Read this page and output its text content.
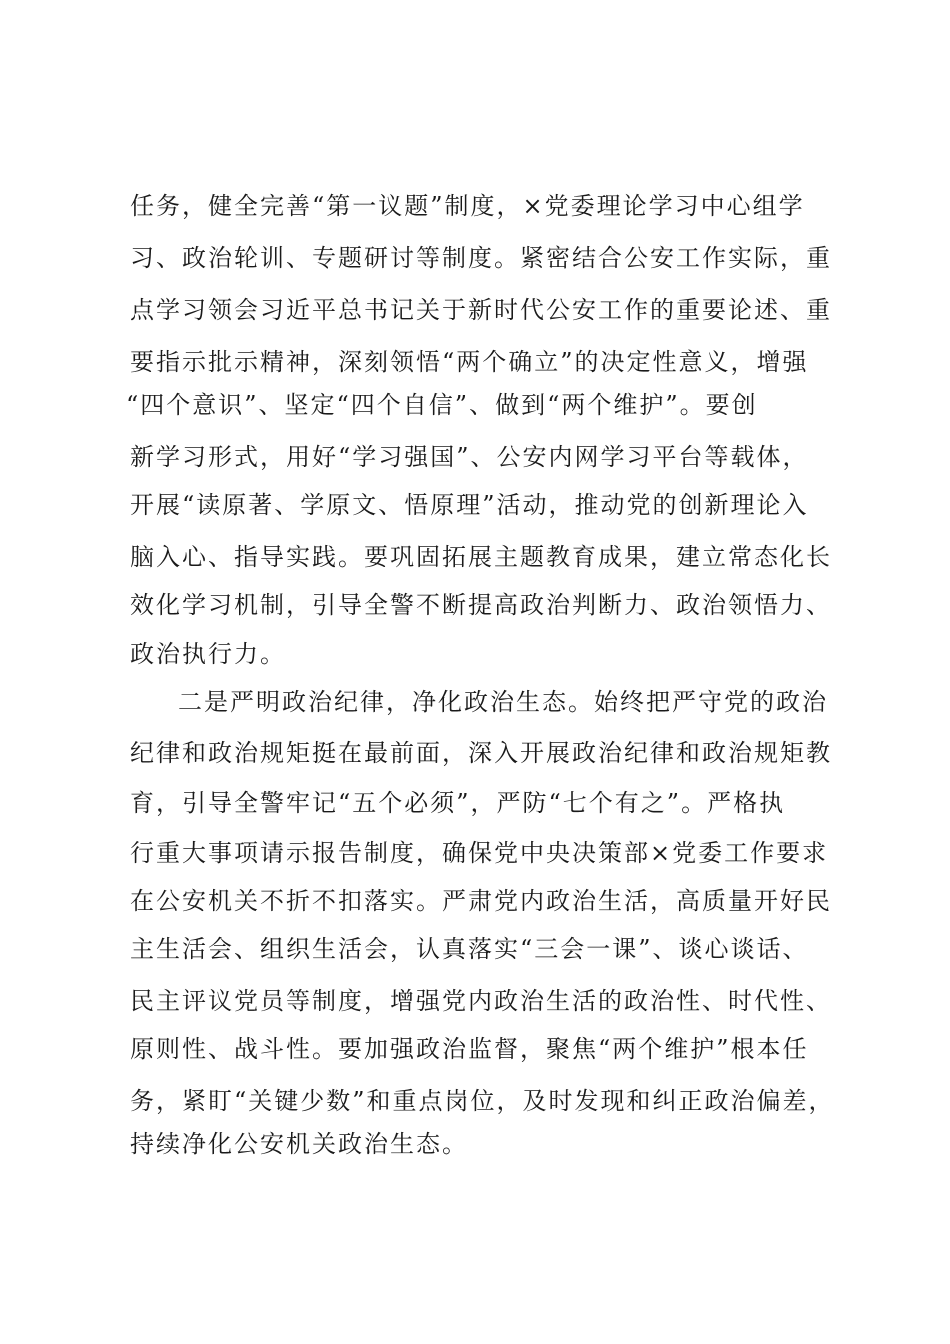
任务，健全完善“第一议题”制度，×党委理论学习中心组学
习、政治轮训、专题研讨等制度。紧密结合公安工作实际，重
点学习领会习近平总书记关于新时代公安工作的重要论述、重
要指示批示精神，深刻领悟“两个确立”的决定性意义，增强
“四个意识”、坚定“四个自信”、做到“两个维护”。要创
新学习形式，用好“学习强国”、公安内网学习平台等载体，
开展“读原著、学原文、悟原理”活动，推动党的创新理论入
脑入心、指导实践。要巩固拓展主题教育成果，建立常态化长
效化学习机制，引导全警不断提高政治判断力、政治领悟力、
政治执行力。
二是严明政治纪律，净化政治生态。始终把严守党的政治
纪律和政治规矩挺在最前面，深入开展政治纪律和政治规矩教
育，引导全警牢记“五个必须”，严防“七个有之”。严格执
行重大事项请示报告制度，确保党中央决策部×党委工作要求
在公安机关不折不扣落实。严肃党内政治生活，高质量开好民
主生活会、组织生活会，认真落实“三会一课”、谈心谈话、
民主评议党员等制度，增强党内政治生活的政治性、时代性、
原则性、战斗性。要加强政治监督，聚焦“两个维护”根本任
务，紧盯“关键少数”和重点岗位，及时发现和纠正政治偏差，
持续净化公安机关政治生态。
